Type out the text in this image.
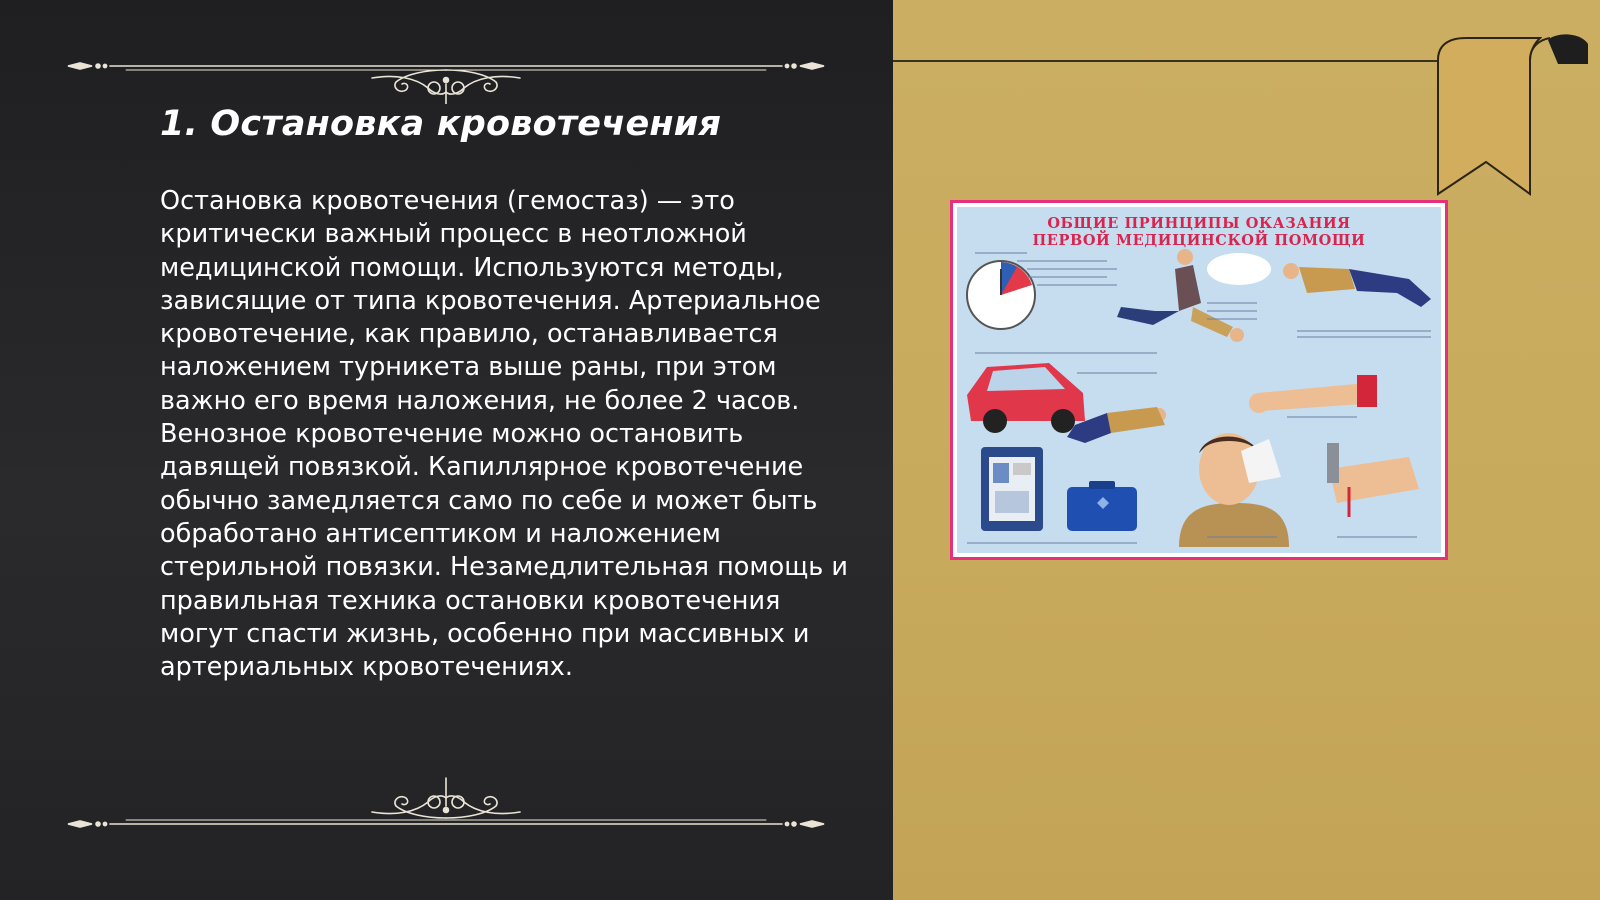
1. Остановка кровотечения

Остановка кровотечения (гемостаз) — это критически важный процесс в неотложной медицинской помощи. Используются методы, зависящие от типа кровотечения. Артериальное кровотечение, как правило, останавливается наложением турникета выше раны, при этом важно его время наложения, не более 2 часов. Венозное кровотечение можно остановить давящей повязкой. Капиллярное кровотечение обычно замедляется само по себе и может быть обработано антисептиком и наложением стерильной повязки. Незамедлительная помощь и правильная техника остановки кровотечения могут спасти жизнь, особенно при массивных и артериальных кровотечениях.

ОБЩИЕ ПРИНЦИПЫ ОКАЗАНИЯ
ПЕРВОЙ МЕДИЦИНСКОЙ ПОМОЩИ
